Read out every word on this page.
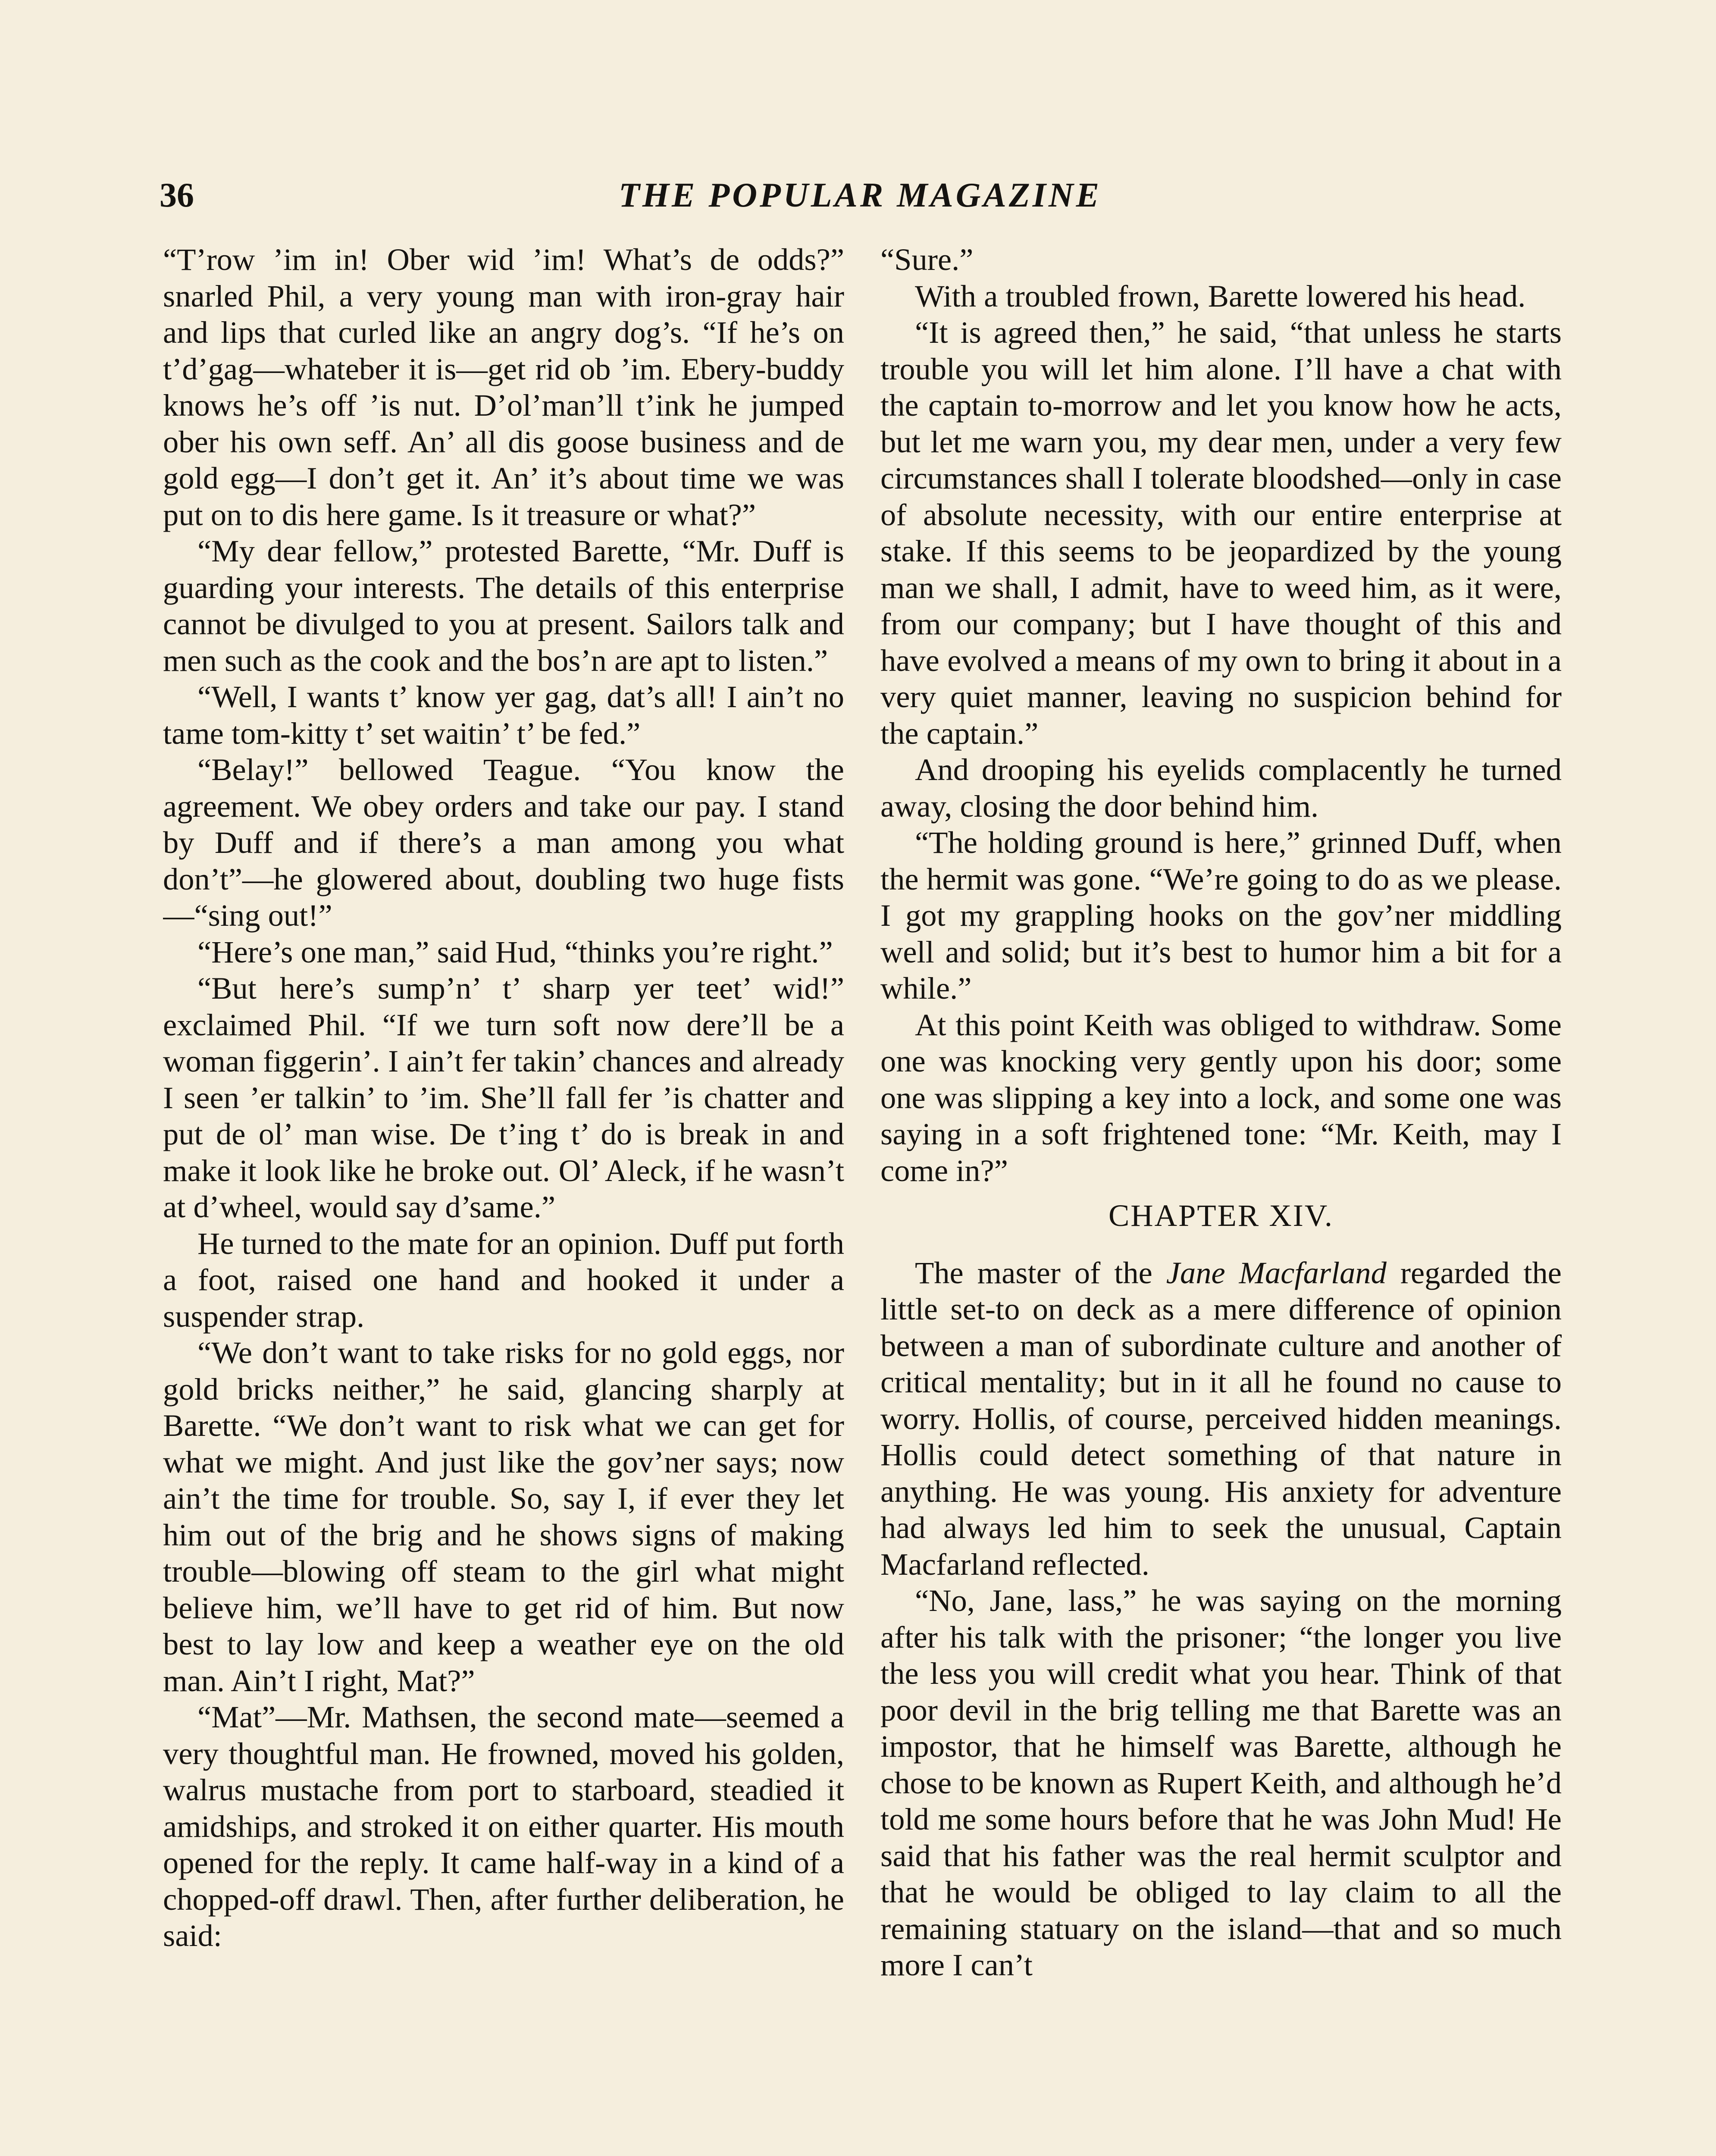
36	THE POPULAR MAGAZINE

“T’row ’im in! Ober wid ’im! What’s de odds?” snarled Phil, a very young man with iron-gray hair and lips that curled like an angry dog’s. “If he’s on t’d’gag—whateber it is—get rid ob ’im. Ebery-buddy knows he’s off ’is nut. D’ol’man’ll t’ink he jumped ober his own seff. An’ all dis goose business and de gold egg—I don’t get it. An’ it’s about time we was put on to dis here game. Is it treasure or what?”

“My dear fellow,” protested Barette, “Mr. Duff is guarding your interests. The details of this enterprise cannot be divulged to you at present. Sailors talk and men such as the cook and the bos’n are apt to listen.”

“Well, I wants t’ know yer gag, dat’s all! I ain’t no tame tom-kitty t’ set waitin’ t’ be fed.”

“Belay!” bellowed Teague. “You know the agreement. We obey orders and take our pay. I stand by Duff and if there’s a man among you what don’t”—he glowered about, doubling two huge fists—“sing out!”

“Here’s one man,” said Hud, “thinks you’re right.”

“But here’s sump’n’ t’ sharp yer teet’ wid!” exclaimed Phil. “If we turn soft now dere’ll be a woman figgerin’. I ain’t fer takin’ chances and already I seen ’er talkin’ to ’im. She’ll fall fer ’is chatter and put de ol’ man wise. De t’ing t’ do is break in and make it look like he broke out. Ol’ Aleck, if he wasn’t at d’wheel, would say d’same.”

He turned to the mate for an opinion. Duff put forth a foot, raised one hand and hooked it under a suspender strap.

“We don’t want to take risks for no gold eggs, nor gold bricks neither,” he said, glancing sharply at Barette. “We don’t want to risk what we can get for what we might. And just like the gov’ner says; now ain’t the time for trouble. So, say I, if ever they let him out of the brig and he shows signs of making trouble—blowing off steam to the girl what might believe him, we’ll have to get rid of him. But now best to lay low and keep a weather eye on the old man. Ain’t I right, Mat?”

“Mat”—Mr. Mathsen, the second mate—seemed a very thoughtful man. He frowned, moved his golden, walrus mustache from port to starboard, steadied it amidships, and stroked it on either quarter. His mouth opened for the reply. It came half-way in a kind of a chopped-off drawl. Then, after further deliberation, he said:

“Sure.”

With a troubled frown, Barette lowered his head.

“It is agreed then,” he said, “that unless he starts trouble you will let him alone. I’ll have a chat with the captain to-morrow and let you know how he acts, but let me warn you, my dear men, under a very few circumstances shall I tolerate bloodshed—only in case of absolute necessity, with our entire enterprise at stake. If this seems to be jeopardized by the young man we shall, I admit, have to weed him, as it were, from our company; but I have thought of this and have evolved a means of my own to bring it about in a very quiet manner, leaving no suspicion behind for the captain.”

And drooping his eyelids complacently he turned away, closing the door behind him.

“The holding ground is here,” grinned Duff, when the hermit was gone. “We’re going to do as we please. I got my grappling hooks on the gov’ner middling well and solid; but it’s best to humor him a bit for a while.”

At this point Keith was obliged to withdraw. Some one was knocking very gently upon his door; some one was slipping a key into a lock, and some one was saying in a soft frightened tone: “Mr. Keith, may I come in?”

CHAPTER XIV.

The master of the Jane Macfarland regarded the little set-to on deck as a mere difference of opinion between a man of subordinate culture and another of critical mentality; but in it all he found no cause to worry. Hollis, of course, perceived hidden meanings. Hollis could detect something of that nature in anything. He was young. His anxiety for adventure had always led him to seek the unusual, Captain Macfarland reflected.

“No, Jane, lass,” he was saying on the morning after his talk with the prisoner; “the longer you live the less you will credit what you hear. Think of that poor devil in the brig telling me that Barette was an impostor, that he himself was Barette, although he chose to be known as Rupert Keith, and although he’d told me some hours before that he was John Mud! He said that his father was the real hermit sculptor and that he would be obliged to lay claim to all the remaining statuary on the island—that and so much more I can’t
